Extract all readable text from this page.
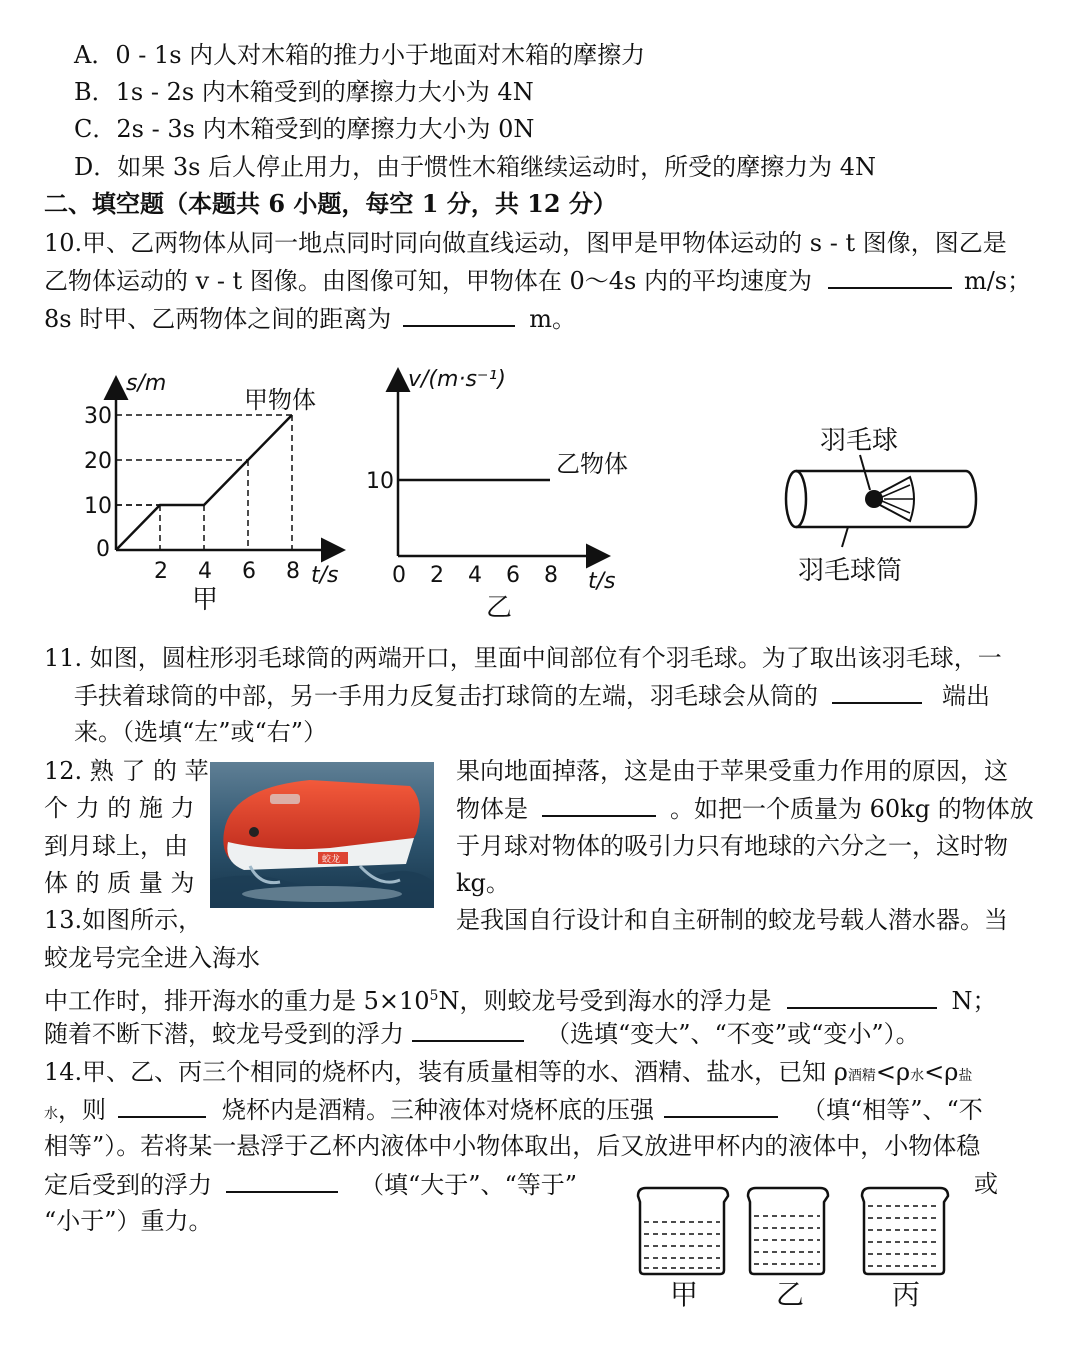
A．0 - 1s 内人对木箱的推力小于地面对木箱的摩擦力
B．1s - 2s 内木箱受到的摩擦力大小为 4N
C．2s - 3s 内木箱受到的摩擦力大小为 0N
D．如果 3s 后人停止用力，由于惯性木箱继续运动时，所受的摩擦力为 4N
二、填空题（本题共 6 小题，每空 1 分，共 12 分）
10.甲、乙两物体从同一地点同时同向做直线运动，图甲是甲物体运动的 s - t 图像，图乙是
乙物体运动的 v - t 图像。由图像可知，甲物体在 0～4s 内的平均速度为	m/s；
8s 时甲、乙两物体之间的距离为	m。
s/m
t/s
0
2 4 6 8
10
20
30
甲物体
甲
v/(m·s⁻¹)
t/s
0 2 4 6 8
10
乙物体
乙
羽毛球
羽毛球筒
11. 如图，圆柱形羽毛球筒的两端开口，里面中间部位有个羽毛球。为了取出该羽毛球，一
手扶着球筒的中部，另一手用力反复击打球筒的左端，羽毛球会从筒的	端出
来。（选填“左”或“右”）
12. 熟 了 的 苹
个 力 的 施 力
到月球上，由
体 的 质 量 为
蛟龙
果向地面掉落，这是由于苹果受重力作用的原因，这
物体是	。如把一个质量为 60kg 的物体放
于月球对物体的吸引力只有地球的六分之一，这时物
kg。
13.如图所示，	是我国自行设计和自主研制的蛟龙号载人潜水器。当
蛟龙号完全进入海水
中工作时，排开海水的重力是 $5\times 10^5N$，则蛟龙号受到海水的浮力是	N；
随着不断下潜，蛟龙号受到的浮力	（选填“变大”、“不变”或“变小”）。
14.甲、乙、丙三个相同的烧杯内，装有质量相等的水、酒精、盐水，已知 ρ酒精<ρ水<ρ盐
水，则	烧杯内是酒精。三种液体对烧杯底的压强	（填“相等”、“不
相等”）。若将某一悬浮于乙杯内液体中小物体取出，后又放进甲杯内的液体中，小物体稳
定后受到的浮力	（填“大于”、“等于”	或
“小于”）重力。
甲	乙	丙
